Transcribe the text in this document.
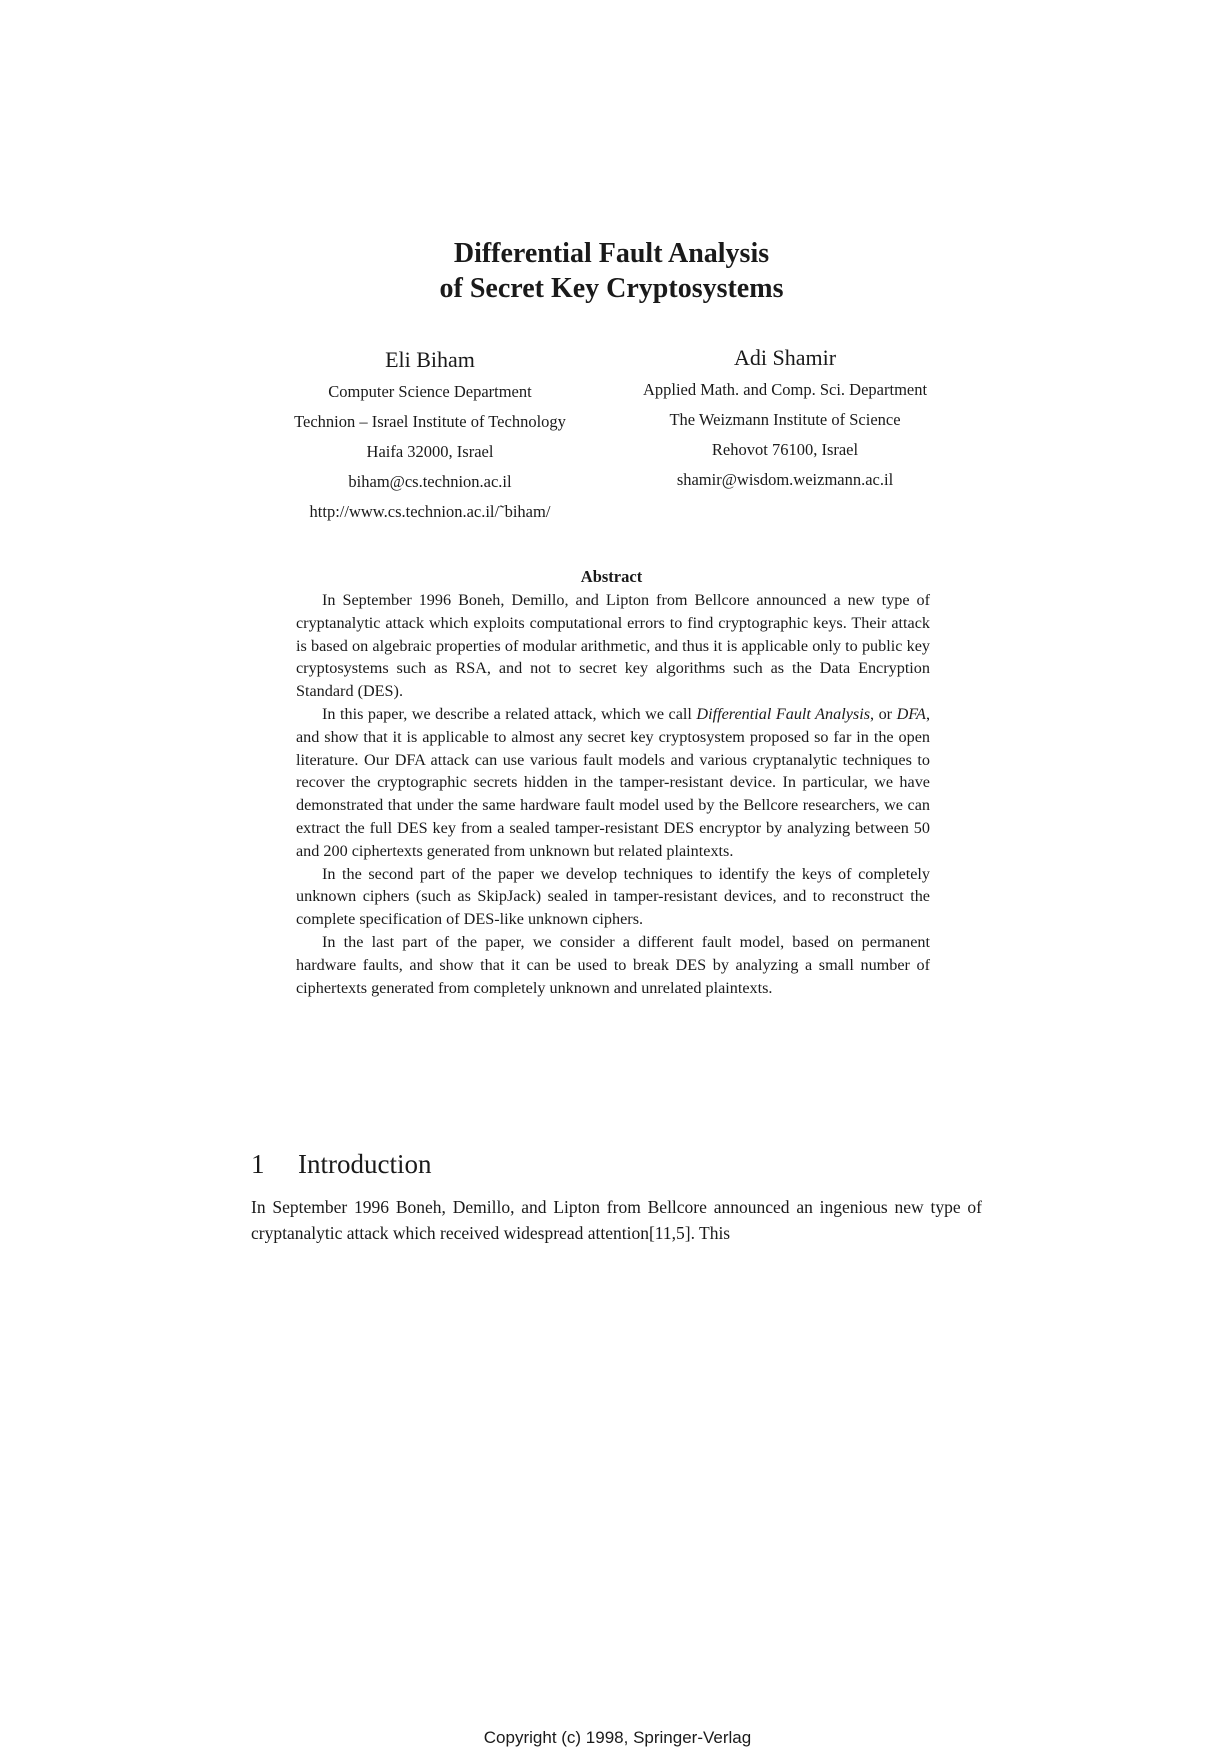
Differential Fault Analysis
of Secret Key Cryptosystems
Eli Biham
Computer Science Department
Technion – Israel Institute of Technology
Haifa 32000, Israel
biham@cs.technion.ac.il
http://www.cs.technion.ac.il/˜biham/
Adi Shamir
Applied Math. and Comp. Sci. Department
The Weizmann Institute of Science
Rehovot 76100, Israel
shamir@wisdom.weizmann.ac.il
Abstract

In September 1996 Boneh, Demillo, and Lipton from Bellcore announced a new type of cryptanalytic attack which exploits computational errors to find cryptographic keys. Their attack is based on algebraic properties of modular arithmetic, and thus it is applicable only to public key cryptosystems such as RSA, and not to secret key algorithms such as the Data Encryption Standard (DES).

In this paper, we describe a related attack, which we call Differential Fault Analysis, or DFA, and show that it is applicable to almost any secret key cryptosystem proposed so far in the open literature. Our DFA attack can use various fault models and various cryptanalytic techniques to recover the cryptographic secrets hidden in the tamper-resistant device. In particular, we have demonstrated that under the same hardware fault model used by the Bellcore researchers, we can extract the full DES key from a sealed tamper-resistant DES encryptor by analyzing between 50 and 200 ciphertexts generated from unknown but related plaintexts.

In the second part of the paper we develop techniques to identify the keys of completely unknown ciphers (such as SkipJack) sealed in tamper-resistant devices, and to reconstruct the complete specification of DES-like unknown ciphers.

In the last part of the paper, we consider a different fault model, based on permanent hardware faults, and show that it can be used to break DES by analyzing a small number of ciphertexts generated from completely unknown and unrelated plaintexts.

1 Introduction

In September 1996 Boneh, Demillo, and Lipton from Bellcore announced an ingenious new type of cryptanalytic attack which received widespread attention[11,5]. This

Copyright (c) 1998, Springer-Verlag
